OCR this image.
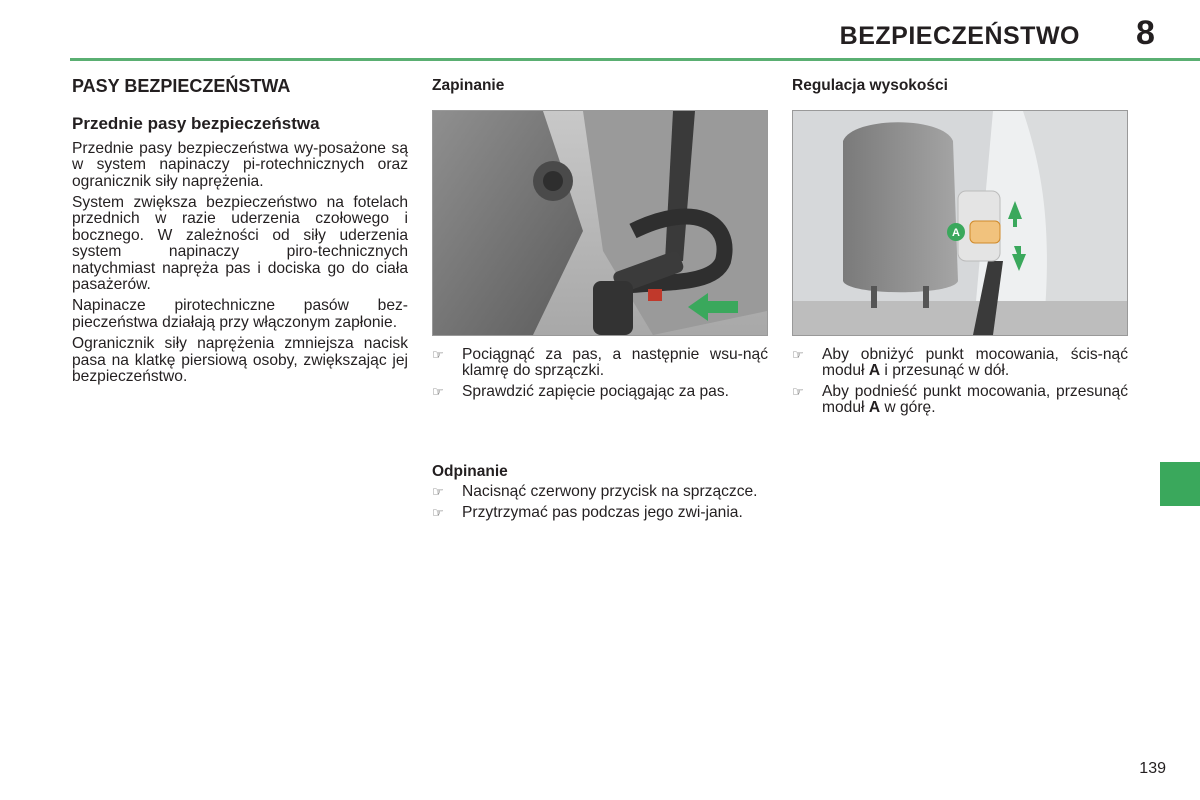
BEZPIECZEŃSTWO 8
PASY BEZPIECZEŃSTWA
Przednie pasy bezpieczeństwa

Przednie pasy bezpieczeństwa wy-posażone są w system napinaczy pi-rotechnicznych oraz ogranicznik siły naprężenia.

System zwiększa bezpieczeństwo na fotelach przednich w razie uderzenia czołowego i bocznego. W zależności od siły uderzenia system napinaczy piro-technicznych natychmiast napręża pas i dociska go do ciała pasażerów.

Napinacze pirotechniczne pasów bez-pieczeństwa działają przy włączonym zapłonie.

Ogranicznik siły naprężenia zmniejsza nacisk pasa na klatkę piersiową osoby, zwiększając jej bezpieczeństwo.

Zapinanie
☞ Pociągnąć za pas, a następnie wsu-nąć klamrę do sprzączki.
☞ Sprawdzić zapięcie pociągając za pas.
Odpinanie
☞ Nacisnąć czerwony przycisk na sprzączce.
☞ Przytrzymać pas podczas jego zwi-jania.
Regulacja wysokości
A
☞ Aby obniżyć punkt mocowania, ścis-nąć moduł A i przesunąć w dół.
☞ Aby podnieść punkt mocowania, przesunąć moduł A w górę.
139
